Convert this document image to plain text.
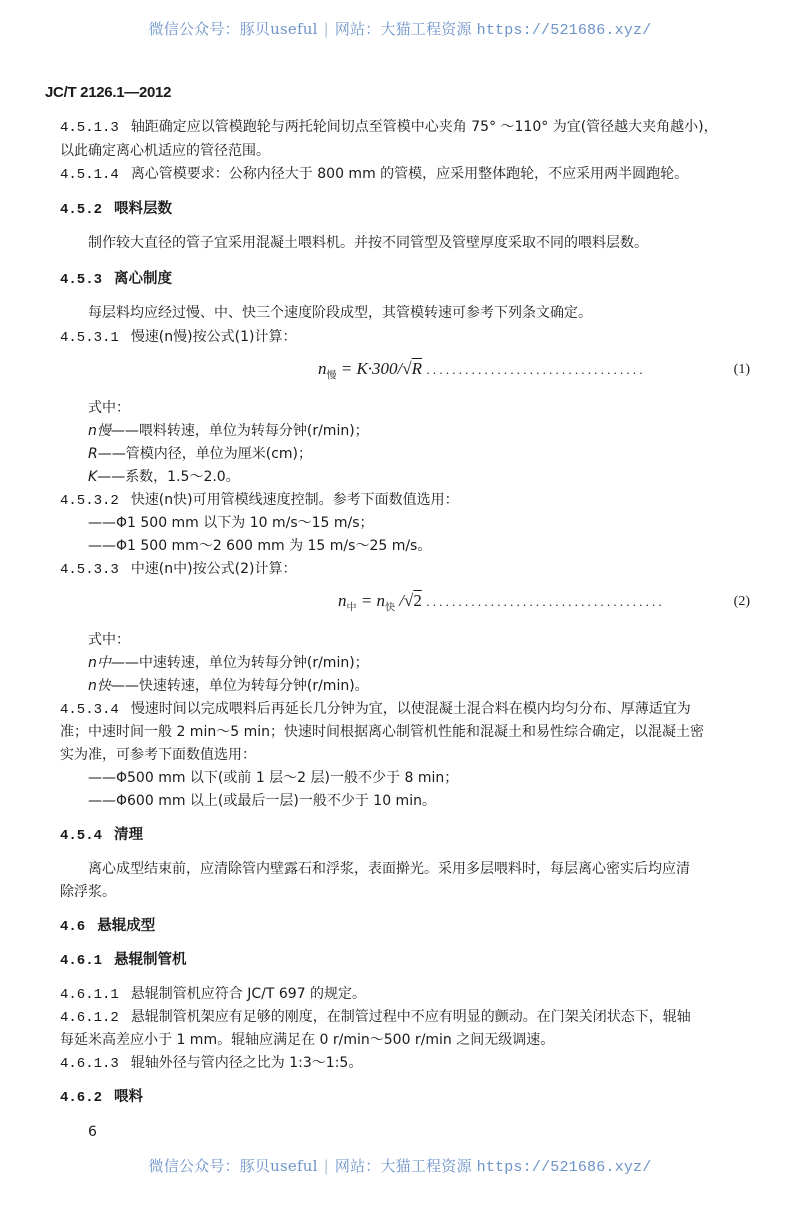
微信公众号：豚贝useful | 网站：大猫工程资源 https://521686.xyz/
JC/T 2126.1—2012
4.5.1.3 轴距确定应以管模跑轮与两托轮间切点至管模中心夹角 75° ～110° 为宜(管径越大夹角越小)，
以此确定离心机适应的管径范围。
4.5.1.4 离心管模要求：公称内径大于 800 mm 的管模，应采用整体跑轮，不应采用两半圆跑轮。
4.5.2 喂料层数
制作较大直径的管子宜采用混凝土喂料机。并按不同管型及管壁厚度采取不同的喂料层数。
4.5.3 离心制度
每层料均应经过慢、中、快三个速度阶段成型，其管模转速可参考下列条文确定。
4.5.3.1 慢速(n慢)按公式(1)计算：
$n_慢 = K\cdot 300/√R$ ..................................	(1)
式中：
n慢——喂料转速，单位为转每分钟(r/min)；
R——管模内径，单位为厘米(cm)；
K——系数，1.5～2.0。
4.5.3.2 快速(n快)可用管模线速度控制。参考下面数值选用：
——Φ1 500 mm 以下为 10 m/s～15 m/s；
——Φ1 500 mm～2 600 mm 为 15 m/s～25 m/s。
4.5.3.3 中速(n中)按公式(2)计算：
$n_中 = n_快$ /√2 .....................................	(2)
式中：
n中——中速转速，单位为转每分钟(r/min)；
n快——快速转速，单位为转每分钟(r/min)。
4.5.3.4 慢速时间以完成喂料后再延长几分钟为宜，以使混凝土混合料在模内均匀分布、厚薄适宜为
准；中速时间一般 2 min～5 min；快速时间根据离心制管机性能和混凝土和易性综合确定，以混凝土密
实为准，可参考下面数值选用：
——Φ500 mm 以下(或前 1 层～2 层)一般不少于 8 min；
——Φ600 mm 以上(或最后一层)一般不少于 10 min。
4.5.4 清理
离心成型结束前，应清除管内壁露石和浮浆，表面擀光。采用多层喂料时，每层离心密实后均应清
除浮浆。
4.6 悬辊成型
4.6.1 悬辊制管机
4.6.1.1 悬辊制管机应符合 JC/T 697 的规定。
4.6.1.2 悬辊制管机架应有足够的刚度，在制管过程中不应有明显的颤动。在门架关闭状态下，辊轴
每延米高差应小于 1 mm。辊轴应满足在 0 r/min～500 r/min 之间无级调速。
4.6.1.3 辊轴外径与管内径之比为 1:3～1:5。
4.6.2 喂料
6
微信公众号：豚贝useful | 网站：大猫工程资源 https://521686.xyz/
